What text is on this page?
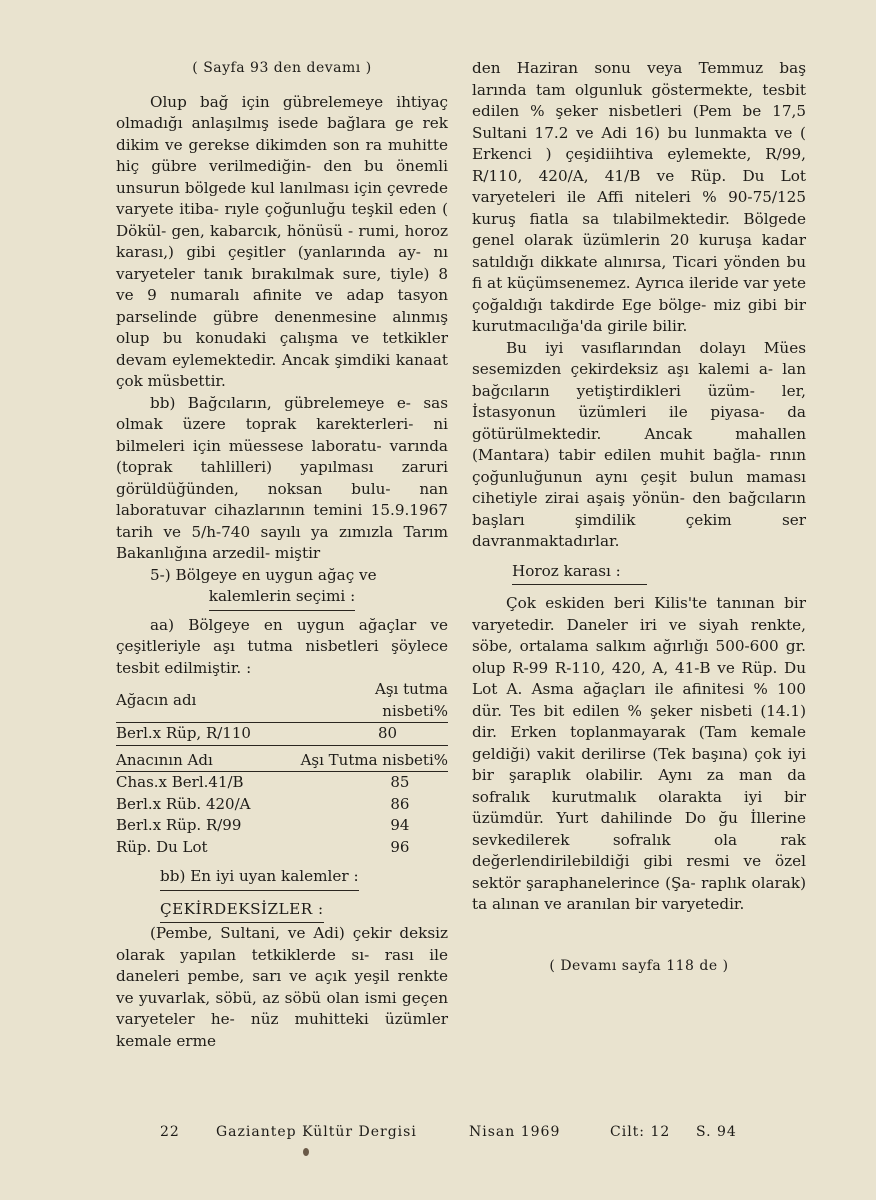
( Sayfa 93 den devamı )

Olup bağ için gübrelemeye ihtiyaç olmadığı anlaşılmış isede bağlara ge rek dikim ve gerekse dikimden son ra muhitte hiç gübre verilmediğin- den bu önemli unsurun bölgede kul lanılması için çevrede varyete itiba- rıyle çoğunluğu teşkil eden ( Dökül- gen, kabarcık, hönüsü - rumi, horoz karası,) gibi çeşitler (yanlarında ay- nı varyeteler tanık bırakılmak sure, tiyle) 8 ve 9 numaralı afinite ve adap tasyon parselinde gübre denenmesine alınmış olup bu konudaki çalışma ve tetkikler devam eylemektedir. Ancak şimdiki kanaat çok müsbettir.

bb) Bağcıların, gübrelemeye e- sas olmak üzere toprak karekterleri- ni bilmeleri için müessese laboratu- varında (toprak tahlilleri) yapılması zaruri görüldüğünden, noksan bulu- nan laboratuvar cihazlarının temini 15.9.1967 tarih ve 5/h-740 sayılı ya zımızla Tarım Bakanlığına arzedil- miştir

5-) Bölgeye en uygun ağaç ve

kalemlerin seçimi :

aa) Bölgeye en uygun ağaçlar ve çeşitleriyle aşı tutma nisbetleri şöylece tesbit edilmiştir. :

Ağacın adı	Aşı tutma nisbeti%
Berl.x Rüp, R/110	80
Anacının Adı	Aşı Tutma nisbeti%
Chas.x Berl.41/B	85
Berl.x Rüb. 420/A	86
Berl.x Rüp. R/99	94
Rüp. Du Lot	96

bb) En iyi uyan kalemler :

ÇEKİRDEKSİZLER :

(Pembe, Sultani, ve Adi) çekir deksiz olarak yapılan tetkiklerde sı- rası ile daneleri pembe, sarı ve açık yeşil renkte ve yuvarlak, söbü, az söbü olan ismi geçen varyeteler he- nüz muhitteki üzümler kemale erme

den Haziran sonu veya Temmuz baş larında tam olgunluk göstermekte, tesbit edilen % şeker nisbetleri (Pem be 17,5 Sultani 17.2 ve Adi 16) bu lunmakta ve ( Erkenci ) çeşidiihtiva eylemekte, R/99, R/110, 420/A, 41/B ve Rüp. Du Lot varyeteleri ile Affi niteleri % 90-75/125 kuruş fiatla sa tılabilmektedir. Bölgede genel olarak üzümlerin 20 kuruşa kadar satıldığı dikkate alınırsa, Ticari yönden bu fi at küçümsenemez. Ayrıca ileride var yete çoğaldığı takdirde Ege bölge- miz gibi bir kurutmacılığa'da girile bilir.

Bu iyi vasıflarından dolayı Mües sesemizden çekirdeksiz aşı kalemi a- lan bağcıların yetiştirdikleri üzüm- ler, İstasyonun üzümleri ile piyasa- da götürülmektedir. Ancak mahallen (Mantara) tabir edilen muhit bağla- rının çoğunluğunun aynı çeşit bulun maması cihetiyle zirai aşaiş yönün- den bağcıların başları şimdilik çekim ser davranmaktadırlar.

Horoz karası :

Çok eskiden beri Kilis'te tanınan bir varyetedir. Daneler iri ve siyah renkte, söbe, ortalama salkım ağırlığı 500-600 gr. olup R-99 R-110, 420, A, 41-B ve Rüp. Du Lot A. Asma ağaçları ile afinitesi % 100 dür. Tes bit edilen % şeker nisbeti (14.1) dir. Erken toplanmayarak (Tam kemale geldiği) vakit derilirse (Tek başına) çok iyi bir şaraplık olabilir. Aynı za man da sofralık kurutmalık olarakta iyi bir üzümdür. Yurt dahilinde Do ğu İllerine sevkedilerek sofralık ola rak değerlendirilebildiği gibi resmi ve özel sektör şaraphanelerince (Şa- raplık olarak) ta alınan ve aranılan bir varyetedir.

( Devamı sayfa 118 de )
22	Gaziantep Kültür Dergisi	Nisan 1969	Cilt: 12 S. 94
